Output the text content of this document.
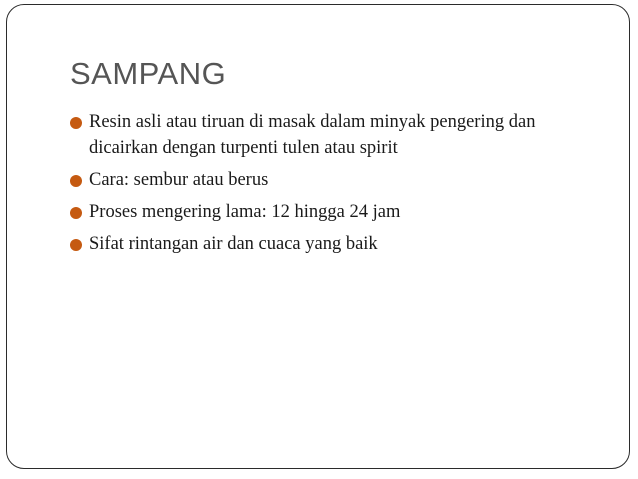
SAMPANG
Resin asli atau tiruan di masak dalam minyak pengering dan dicairkan dengan turpenti tulen atau spirit
Cara: sembur atau berus
Proses mengering lama: 12 hingga 24 jam
Sifat rintangan air dan cuaca yang baik
